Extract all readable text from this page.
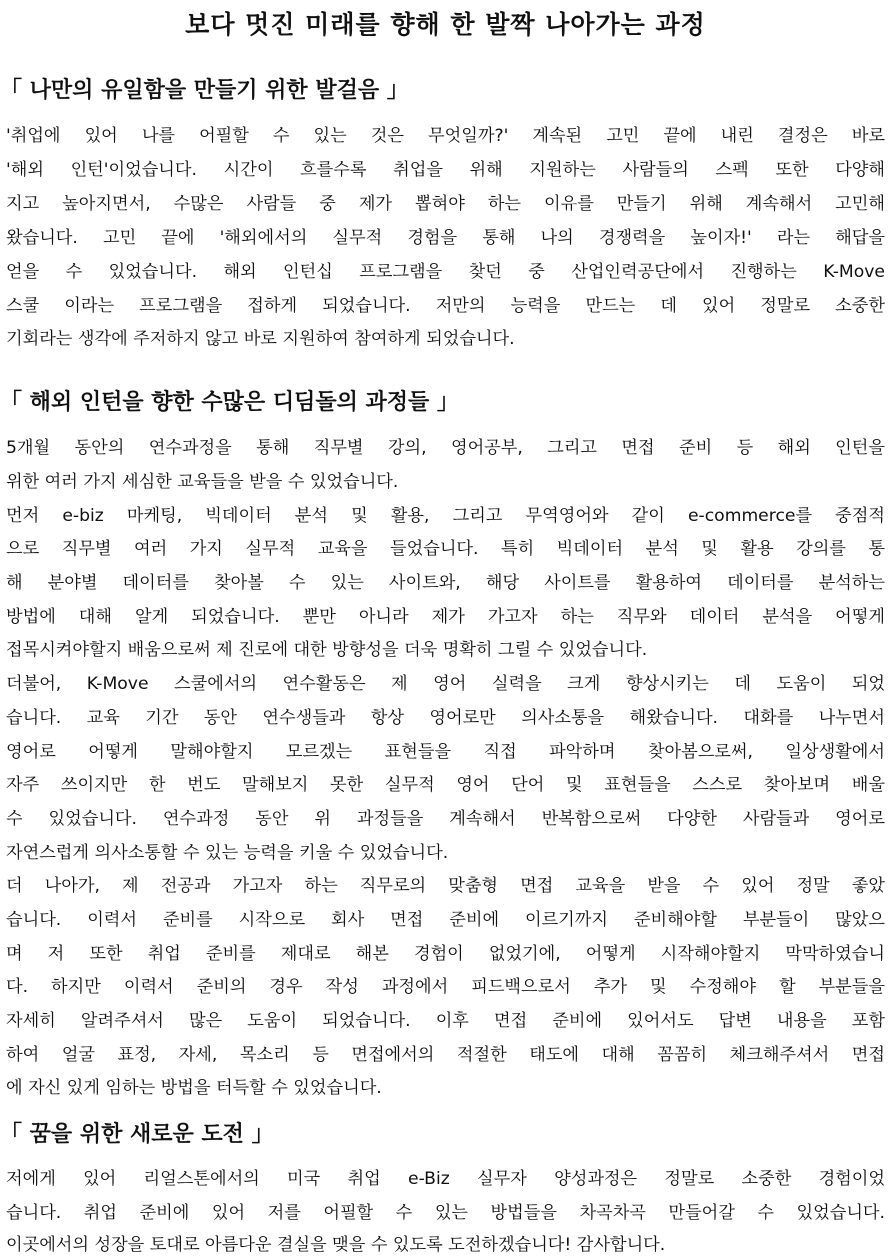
보다 멋진 미래를 향해 한 발짝 나아가는 과정
「 나만의 유일함을 만들기 위한 발걸음 」
'취업에 있어 나를 어필할 수 있는 것은 무엇일까?' 계속된 고민 끝에 내린 결정은 바로
'해외 인턴'이었습니다. 시간이 흐를수록 취업을 위해 지원하는 사람들의 스펙 또한 다양해
지고 높아지면서, 수많은 사람들 중 제가 뽑혀야 하는 이유를 만들기 위해 계속해서 고민해
왔습니다. 고민 끝에 '해외에서의 실무적 경험을 통해 나의 경쟁력을 높이자!' 라는 해답을
얻을 수 있었습니다. 해외 인턴십 프로그램을 찾던 중 산업인력공단에서 진행하는 K-Move
스쿨 이라는 프로그램을 접하게 되었습니다. 저만의 능력을 만드는 데 있어 정말로 소중한
기회라는 생각에 주저하지 않고 바로 지원하여 참여하게 되었습니다.
「 해외 인턴을 향한 수많은 디딤돌의 과정들 」
5개월 동안의 연수과정을 통해 직무별 강의, 영어공부, 그리고 면접 준비 등 해외 인턴을
위한 여러 가지 세심한 교육들을 받을 수 있었습니다.
먼저 e-biz 마케팅, 빅데이터 분석 및 활용, 그리고 무역영어와 같이 e-commerce를 중점적
으로 직무별 여러 가지 실무적 교육을 들었습니다. 특히 빅데이터 분석 및 활용 강의를 통
해 분야별 데이터를 찾아볼 수 있는 사이트와, 해당 사이트를 활용하여 데이터를 분석하는
방법에 대해 알게 되었습니다. 뿐만 아니라 제가 가고자 하는 직무와 데이터 분석을 어떻게
접목시켜야할지 배움으로써 제 진로에 대한 방향성을 더욱 명확히 그릴 수 있었습니다.
더불어, K-Move 스쿨에서의 연수활동은 제 영어 실력을 크게 향상시키는 데 도움이 되었
습니다. 교육 기간 동안 연수생들과 항상 영어로만 의사소통을 해왔습니다. 대화를 나누면서
영어로 어떻게 말해야할지 모르겠는 표현들을 직접 파악하며 찾아봄으로써, 일상생활에서
자주 쓰이지만 한 번도 말해보지 못한 실무적 영어 단어 및 표현들을 스스로 찾아보며 배울
수 있었습니다. 연수과정 동안 위 과정들을 계속해서 반복함으로써 다양한 사람들과 영어로
자연스럽게 의사소통할 수 있는 능력을 키울 수 있었습니다.
더 나아가, 제 전공과 가고자 하는 직무로의 맞춤형 면접 교육을 받을 수 있어 정말 좋았
습니다. 이력서 준비를 시작으로 회사 면접 준비에 이르기까지 준비해야할 부분들이 많았으
며 저 또한 취업 준비를 제대로 해본 경험이 없었기에, 어떻게 시작해야할지 막막하였습니
다. 하지만 이력서 준비의 경우 작성 과정에서 피드백으로서 추가 및 수정해야 할 부분들을
자세히 알려주셔서 많은 도움이 되었습니다. 이후 면접 준비에 있어서도 답변 내용을 포함
하여 얼굴 표정, 자세, 목소리 등 면접에서의 적절한 태도에 대해 꼼꼼히 체크해주셔서 면접
에 자신 있게 임하는 방법을 터득할 수 있었습니다.
「 꿈을 위한 새로운 도전 」
저에게 있어 리얼스톤에서의 미국 취업 e-Biz 실무자 양성과정은 정말로 소중한 경험이었
습니다. 취업 준비에 있어 저를 어필할 수 있는 방법들을 차곡차곡 만들어갈 수 있었습니다.
이곳에서의 성장을 토대로 아름다운 결실을 맺을 수 있도록 도전하겠습니다! 감사합니다.
